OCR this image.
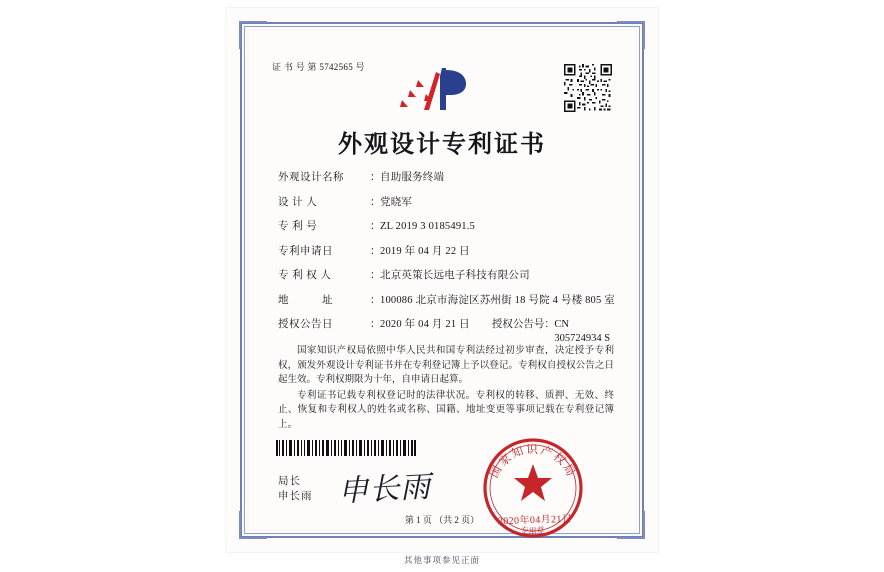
证 书 号 第 5742565 号
外观设计专利证书
外观设计名称	： 自助服务终端
设 计 人	： 党晓军
专 利 号	： ZL 2019 3 0185491.5
专利申请日	： 2019 年 04 月 22 日
专 利 权 人	： 北京英策长远电子科技有限公司
地　　　址	： 100086 北京市海淀区苏州街 18 号院 4 号楼 805 室
授权公告日	： 2020 年 04 月 21 日 授权公告号 ： CN 305724934 S

国家知识产权局依照中华人民共和国专利法经过初步审查，决定授予专利权，颁发外观设计专利证书并在专利登记簿上予以登记。专利权自授权公告之日起生效。专利权期限为十年，自申请日起算。

专利证书记载专利权登记时的法律状况。专利权的转移、质押、无效、终止、恢复和专利权人的姓名或名称、国籍、地址变更等事项记载在专利登记簿上。

局长
申长雨 申长雨	国家知识产权局
专用章
2020年04月21日
第 1 页 （共 2 页）
其他事项参见正面
